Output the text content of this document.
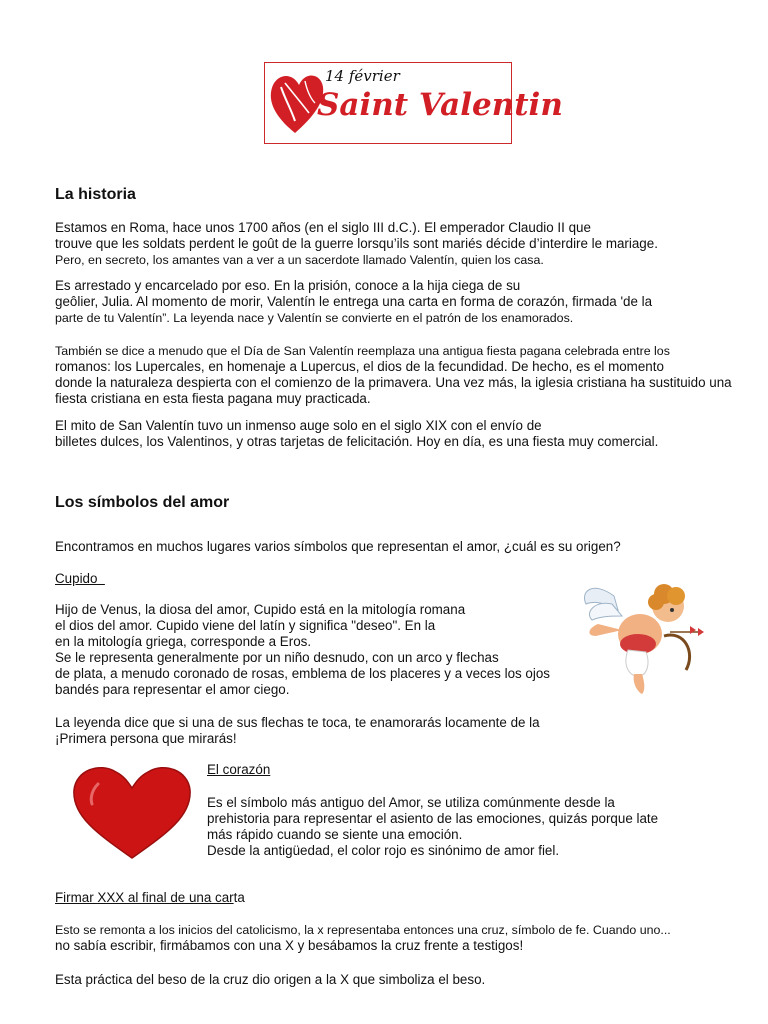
14 février
Saint Valentin
La historia

Estamos en Roma, hace unos 1700 años (en el siglo III d.C.). El emperador Claudio II que

trouve que les soldats perdent le goût de la guerre lorsqu’ils sont mariés décide d’interdire le mariage.

Pero, en secreto, los amantes van a ver a un sacerdote llamado Valentín, quien los casa.

Es arrestado y encarcelado por eso. En la prisión, conoce a la hija ciega de su

geôlier, Julia. Al momento de morir, Valentín le entrega una carta en forma de corazón, firmada 'de la

parte de tu Valentín”. La leyenda nace y Valentín se convierte en el patrón de los enamorados.

También se dice a menudo que el Día de San Valentín reemplaza una antigua fiesta pagana celebrada entre los

romanos: los Lupercales, en homenaje a Lupercus, el dios de la fecundidad. De hecho, es el momento

donde la naturaleza despierta con el comienzo de la primavera. Una vez más, la iglesia cristiana ha sustituido una

fiesta cristiana en esta fiesta pagana muy practicada.

El mito de San Valentín tuvo un inmenso auge solo en el siglo XIX con el envío de

billetes dulces, los Valentinos, y otras tarjetas de felicitación. Hoy en día, es una fiesta muy comercial.

Los símbolos del amor

Encontramos en muchos lugares varios símbolos que representan el amor, ¿cuál es su origen?

Cupido

Hijo de Venus, la diosa del amor, Cupido está en la mitología romana

el dios del amor. Cupido viene del latín y significa "deseo". En la

en la mitología griega, corresponde a Eros.

Se le representa generalmente por un niño desnudo, con un arco y flechas

de plata, a menudo coronado de rosas, emblema de los placeres y a veces los ojos

bandés para representar el amor ciego.

La leyenda dice que si una de sus flechas te toca, te enamorarás locamente de la

¡Primera persona que mirarás!

El corazón

Es el símbolo más antiguo del Amor, se utiliza comúnmente desde la

prehistoria para representar el asiento de las emociones, quizás porque late

más rápido cuando se siente una emoción.

Desde la antigüedad, el color rojo es sinónimo de amor fiel.

Firmar XXX al final de una carta

Esto se remonta a los inicios del catolicismo, la x representaba entonces una cruz, símbolo de fe. Cuando uno...

no sabía escribir, firmábamos con una X y besábamos la cruz frente a testigos!

Esta práctica del beso de la cruz dio origen a la X que simboliza el beso.
